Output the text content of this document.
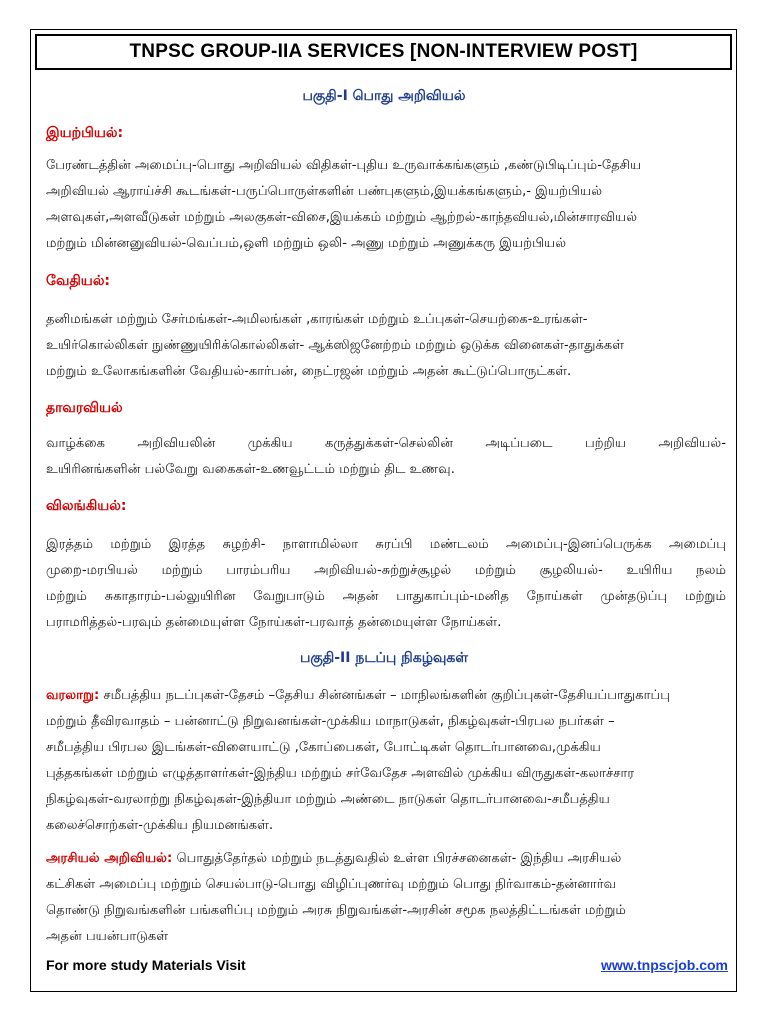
TNPSC GROUP-IIA SERVICES [NON-INTERVIEW POST]
பகுதி-I பொது அறிவியல்
இயற்பியல்:
பேரண்டத்தின் அமைப்பு-பொது அறிவியல் விதிகள்-புதிய உருவாக்கங்களும் ,கண்டுபிடிப்பும்-தேசிய
அறிவியல் ஆராய்ச்சி கூடங்கள்-பருப்பொருள்களின் பண்புகளும்,இயக்கங்களும்,- இயற்பியல்
அளவுகள்,அளவீடுகள் மற்றும் அலகுகள்-விசை,இயக்கம் மற்றும் ஆற்றல்-காந்தவியல்,மின்சாரவியல்
மற்றும் மின்னனுவியல்-வெப்பம்,ஒளி மற்றும் ஒலி- அணு மற்றும் அணுக்கரு இயற்பியல்
வேதியல்:
தனிமங்கள் மற்றும் சேர்மங்கள்-அமிலங்கள் ,காரங்கள் மற்றும் உப்புகள்-செயற்கை-உரங்கள்-
உயிர்கொல்லிகள் நுண்ணுயிரிக்கொல்லிகள்- ஆக்ஸிஜனேற்றம் மற்றும் ஒடுக்க வினைகள்-தாதுக்கள்
மற்றும் உலோகங்களின் வேதியல்-கார்பன், நைட்ரஜன் மற்றும் அதன் கூட்டுப்பொருட்கள்.
தாவரவியல்
வாழ்க்கை அறிவியலின் முக்கிய கருத்துக்கள்-செல்லின் அடிப்படை பற்றிய அறிவியல்-
உயிரினங்களின் பல்வேறு வகைகள்-உணவூட்டம் மற்றும் திட உணவு.
விலங்கியல்:
இரத்தம் மற்றும் இரத்த சுழற்சி- நாளாமில்லா சுரப்பி மண்டலம் அமைப்பு-இனப்பெருக்க அமைப்பு
முறை-மரபியல் மற்றும் பாரம்பரிய அறிவியல்-சுற்றுச்சூழல் மற்றும் சூழலியல்- உயிரிய நலம்
மற்றும் சுகாதாரம்-பல்லுயிரின வேறுபாடும் அதன் பாதுகாப்பும்-மனித நோய்கள் முன்தடுப்பு மற்றும்
பராமரித்தல்-பரவும் தன்மையுள்ள நோய்கள்-பரவாத் தன்மையுள்ள நோய்கள்.
பகுதி-II நடப்பு நிகழ்வுகள்
வரலாறு: சமீபத்திய நடப்புகள்-தேசம் –தேசிய சின்னங்கள் – மாநிலங்களின் குறிப்புகள்-தேசியப்பாதுகாப்பு
மற்றும் தீவிரவாதம் – பன்னாட்டு நிறுவனங்கள்-முக்கிய மாநாடுகள், நிகழ்வுகள்-பிரபல நபர்கள் –
சமீபத்திய பிரபல இடங்கள்-விளையாட்டு ,கோப்பைகள், போட்டிகள் தொடர்பானவை,முக்கிய
புத்தகங்கள் மற்றும் எழுத்தாளர்கள்-இந்திய மற்றும் சர்வேதேச அளவில் முக்கிய விருதுகள்-கலாச்சார
நிகழ்வுகள்-வரலாற்று நிகழ்வுகள்-இந்தியா மற்றும் அண்டை நாடுகள் தொடர்பானவை-சமீபத்திய
கலைச்சொற்கள்-முக்கிய நியமனங்கள்.
அரசியல் அறிவியல்: பொதுத்தேர்தல் மற்றும் நடத்துவதில் உள்ள பிரச்சனைகள்- இந்திய அரசியல்
கட்சிகள் அமைப்பு மற்றும் செயல்பாடு-பொது விழிப்புணர்வு மற்றும் பொது நிர்வாகம்-தன்னார்வ
தொண்டு நிறுவங்களின் பங்களிப்பு மற்றும் அரசு நிறுவங்கள்-அரசின் சமூக நலத்திட்டங்கள் மற்றும்
அதன் பயன்பாடுகள்
For more study Materials Visit	www.tnpscjob.com
